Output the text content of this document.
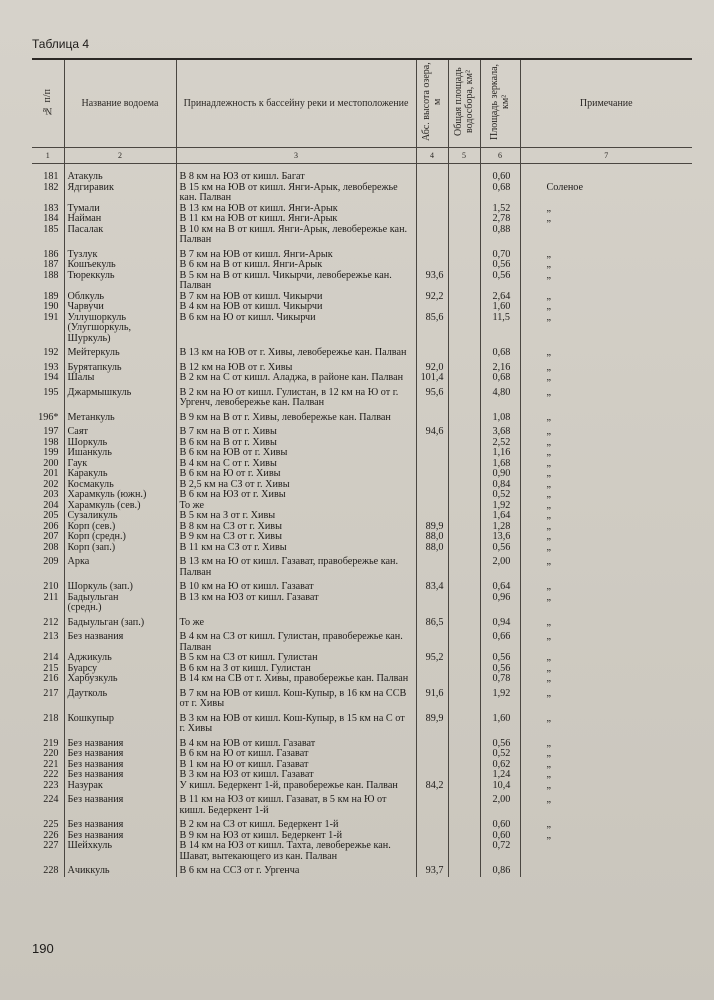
Таблица 4
№ п/п	Название водоема	Принадлежность к бассейну реки и местоположение	Абс. высота озера, м	Общая площадь водосбора, км²	Площадь зеркала, км²	Примечание
1	2	3	4	5	6	7
181	Атакуль	В 8 км на ЮЗ от кишл. Багат			0,60	
182	Ядгиравик	В 15 км на ЮВ от кишл. Янги-Арык, левобережье кан. Палван			0,68	Соленое
183	Тумали	В 13 км на ЮВ от кишл. Янги-Арык			1,52	„
184	Найман	В 11 км на ЮВ от кишл. Янги-Арык			2,78	„
185	Пасалак	В 10 км на В от кишл. Янги-Арык, левобережье кан. Палван			0,88	
186	Тузлук	В 7 км на ЮВ от кишл. Янги-Арык			0,70	„
187	Кошъекуль	В 6 км на В от кишл. Янги-Арык			0,56	„
188	Тюреккуль	В 5 км на В от кишл. Чикырчи, левобережье кан. Палван	93,6		0,56	„
189	Облкуль	В 7 км на ЮВ от кишл. Чикырчи	92,2		2,64	„
190	Чарвучи	В 4 км на ЮВ от кишл. Чикырчи			1,60	„
191	Уллушоркуль
(Улугшоркуль,
Шуркуль)	В 6 км на Ю от кишл. Чикырчи	85,6		11,5	„
192	Мейтеркуль	В 13 км на ЮВ от г. Хивы, левобережье кан. Палван			0,68	„
193	Бурятапкуль	В 12 км на ЮВ от г. Хивы	92,0		2,16	„
194	Шалы	В 2 км на С от кишл. Аладжа, в районе кан. Палван	101,4		0,68	„
195	Джармышкуль	В 2 км на Ю от кишл. Гулистан, в 12 км на Ю от г. Ургенч, левобережье кан. Палван	95,6		4,80	„
196*	Метанкуль	В 9 км на В от г. Хивы, левобережье кан. Палван			1,08	„
197	Саят	В 7 км на В от г. Хивы	94,6		3,68	„
198	Шоркуль	В 6 км на В от г. Хивы			2,52	„
199	Ишанкуль	В 6 км на ЮВ от г. Хивы			1,16	„
200	Гаук	В 4 км на С от г. Хивы			1,68	„
201	Каракуль	В 6 км на Ю от г. Хивы			0,90	„
202	Космакуль	В 2,5 км на СЗ от г. Хивы			0,84	„
203	Харамкуль (южн.)	В 6 км на ЮЗ от г. Хивы			0,52	„
204	Харамкуль (сев.)	То же			1,92	„
205	Сузаликуль	В 5 км на З от г. Хивы			1,64	„
206	Корп (сев.)	В 8 км на СЗ от г. Хивы	89,9		1,28	„
207	Корп (средн.)	В 9 км на СЗ от г. Хивы	88,0		13,6	„
208	Корп (зап.)	В 11 км на СЗ от г. Хивы	88,0		0,56	„
209	Арка	В 13 км на Ю от кишл. Газават, правобережье кан. Палван			2,00	„
210	Шоркуль (зап.)	В 10 км на Ю от кишл. Газават	83,4		0,64	„
211	Бадыульган
(средн.)	В 13 км на ЮЗ от кишл. Газават			0,96	„
212	Бадыульган (зап.)	То же	86,5		0,94	„
213	Без названия	В 4 км на СЗ от кишл. Гулистан, правобережье кан. Палван			0,66	„
214	Аджикуль	В 5 км на СЗ от кишл. Гулистан	95,2		0,56	„
215	Буарсу	В 6 км на З от кишл. Гулистан			0,56	„
216	Харбузкуль	В 14 км на СВ от г. Хивы, правобережье кан. Палван			0,78	„
217	Даутколь	В 7 км на ЮВ от кишл. Кош-Купыр, в 16 км на ССВ от г. Хивы	91,6		1,92	„
218	Кошкупыр	В 3 км на ЮВ от кишл. Кош-Купыр, в 15 км на С от г. Хивы	89,9		1,60	„
219	Без названия	В 4 км на ЮВ от кишл. Газават			0,56	„
220	Без названия	В 6 км на Ю от кишл. Газават			0,52	„
221	Без названия	В 1 км на Ю от кишл. Газават			0,62	„
222	Без названия	В 3 км на ЮЗ от кишл. Газават			1,24	„
223	Назурак	У кишл. Бедеркент 1-й, правобережье кан. Палван	84,2		10,4	„
224	Без названия	В 11 км на ЮЗ от кишл. Газават, в 5 км на Ю от кишл. Бедеркент 1-й			2,00	„
225	Без названия	В 2 км на СЗ от кишл. Бедеркент 1-й			0,60	„
226	Без названия	В 9 км на ЮЗ от кишл. Бедеркент 1-й			0,60	„
227	Шейхкуль	В 14 км на ЮЗ от кишл. Тахта, левобережье кан. Шават, вытекающего из кан. Палван			0,72	
228	Ачиккуль	В 6 км на ССЗ от г. Ургенча	93,7		0,86	
190
